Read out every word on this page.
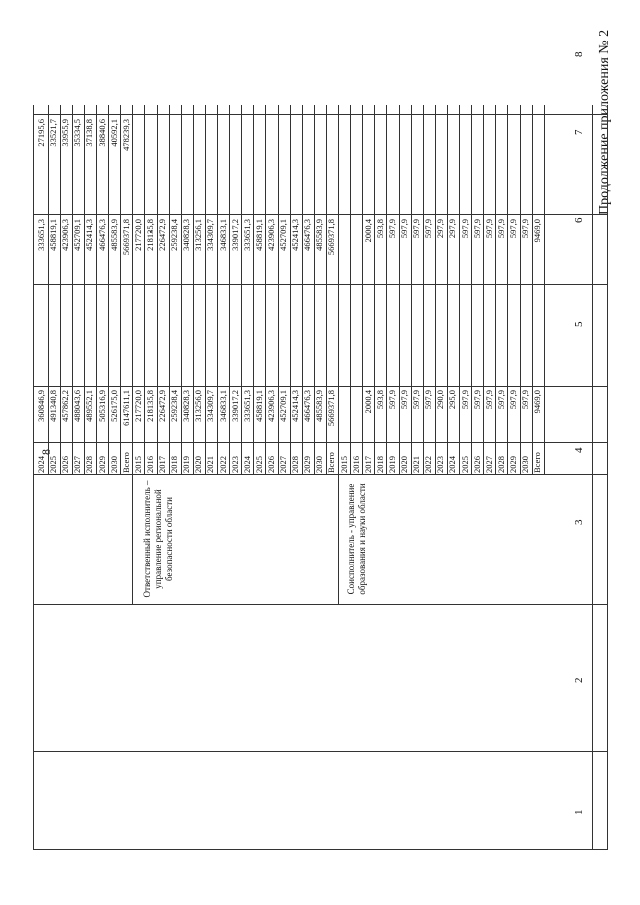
8
Продолжение приложения № 2
1
2
3
4
5
6
7
8
Ответственный исполнитель – управление региональной безопасности области	Соисполнитель - управление образования и науки области
2024
360846,9
333651,3
27195,6
2025
491340,8
458819,1
33521,7
2026
457862,2
423906,3
33955,9
2027
488043,6
452709,1
35334,5
2028
489552,1
452414,3
37138,8
2029
505316,9
466476,3
38840,6
2030
526175,0
485583,9
40592,1
Всего
6147611,1
5669371,8
478239,3
2015
217720,0
217720,0
2016
218135,8
218135,8
2017
226472,9
226472,9
2018
259238,4
259238,4
2019
340828,3
340828,3
2020
313256,0
313256,1
2021
334309,7
334309,7
2022
346833,1
346833,1
2023
339017,2
339017,2
2024
333651,3
333651,3
2025
458819,1
458819,1
2026
423906,3
423906,3
2027
452709,1
452709,1
2028
452414,3
452414,3
2029
466476,3
466476,3
2030
485583,9
485583,9
Всего
5669371,8
5669371,8
2015 2016 2017
2000,4
2000,4
2018
593,8
593,8
2019
597,9
597,9
2020
597,9
597,9
2021
597,9
597,9
2022
597,9
597,9
2023
290,0
297,9
2024
295,0
297,9
2025
597,9
597,9
2026
597,9
597,9
2027
597,9
597,9
2028
597,9
597,9
2029
597,9
597,9
2030
597,9
597,9
Всего
9469,0
9469,0
